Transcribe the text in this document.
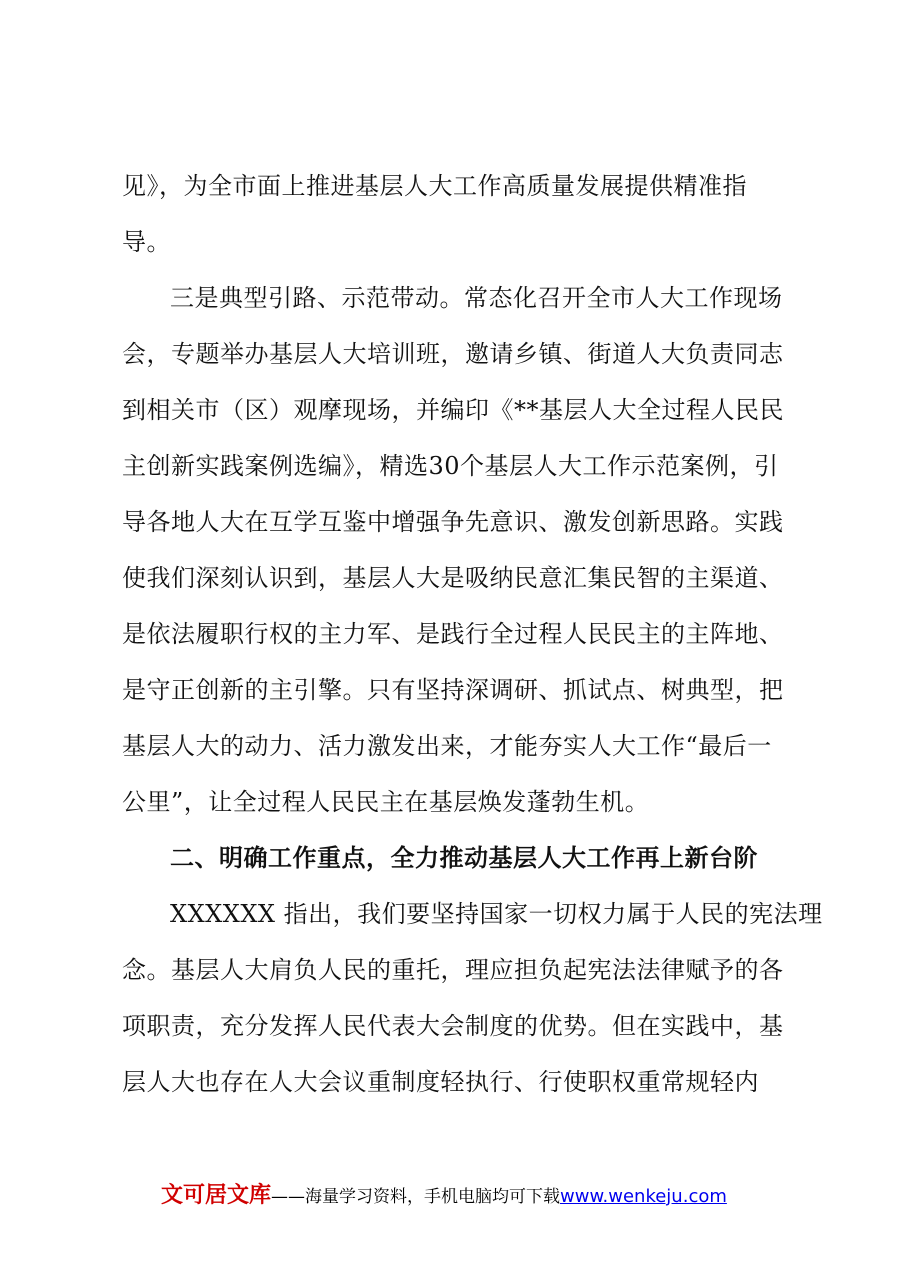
见》，为全市面上推进基层人大工作高质量发展提供精准指
导。
三是典型引路、示范带动。常态化召开全市人大工作现场
会，专题举办基层人大培训班，邀请乡镇、街道人大负责同志
到相关市（区）观摩现场，并编印《**基层人大全过程人民民
主创新实践案例选编》，精选30个基层人大工作示范案例，引
导各地人大在互学互鉴中增强争先意识、激发创新思路。实践
使我们深刻认识到，基层人大是吸纳民意汇集民智的主渠道、
是依法履职行权的主力军、是践行全过程人民民主的主阵地、
是守正创新的主引擎。只有坚持深调研、抓试点、树典型，把
基层人大的动力、活力激发出来，才能夯实人大工作“最后一
公里”，让全过程人民民主在基层焕发蓬勃生机。
二、明确工作重点，全力推动基层人大工作再上新台阶
XXXXXX 指出，我们要坚持国家一切权力属于人民的宪法理
念。基层人大肩负人民的重托，理应担负起宪法法律赋予的各
项职责，充分发挥人民代表大会制度的优势。但在实践中，基
层人大也存在人大会议重制度轻执行、行使职权重常规轻内
文可居文库——海量学习资料，手机电脑均可下载www.wenkeju.com
